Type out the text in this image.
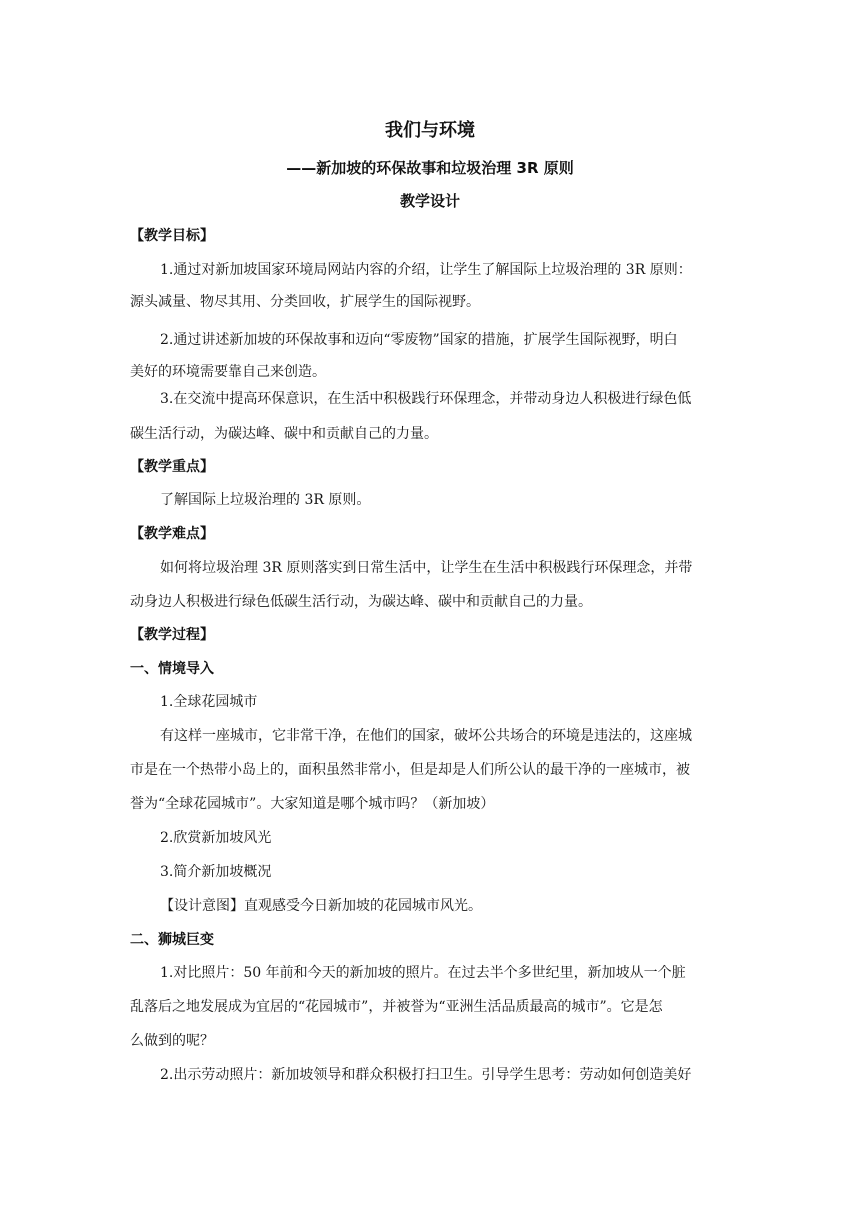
我们与环境
——新加坡的环保故事和垃圾治理 3R 原则
教学设计
【教学目标】
1.通过对新加坡国家环境局网站内容的介绍，让学生了解国际上垃圾治理的 3R 原则：
源头减量、物尽其用、分类回收，扩展学生的国际视野。
2.通过讲述新加坡的环保故事和迈向“零废物”国家的措施，扩展学生国际视野，明白
美好的环境需要靠自己来创造。
3.在交流中提高环保意识，在生活中积极践行环保理念，并带动身边人积极进行绿色低
碳生活行动，为碳达峰、碳中和贡献自己的力量。
【教学重点】
了解国际上垃圾治理的 3R 原则。
【教学难点】
如何将垃圾治理 3R 原则落实到日常生活中，让学生在生活中积极践行环保理念，并带
动身边人积极进行绿色低碳生活行动，为碳达峰、碳中和贡献自己的力量。
【教学过程】
一、情境导入
1.全球花园城市
有这样一座城市，它非常干净，在他们的国家，破坏公共场合的环境是违法的，这座城
市是在一个热带小岛上的，面积虽然非常小，但是却是人们所公认的最干净的一座城市，被
誉为“全球花园城市”。大家知道是哪个城市吗？（新加坡）
2.欣赏新加坡风光
3.简介新加坡概况
【设计意图】直观感受今日新加坡的花园城市风光。
二、狮城巨变
1.对比照片：50 年前和今天的新加坡的照片。在过去半个多世纪里，新加坡从一个脏
乱落后之地发展成为宜居的“花园城市”，并被誉为“亚洲生活品质最高的城市”。它是怎
么做到的呢？
2.出示劳动照片：新加坡领导和群众积极打扫卫生。引导学生思考：劳动如何创造美好
